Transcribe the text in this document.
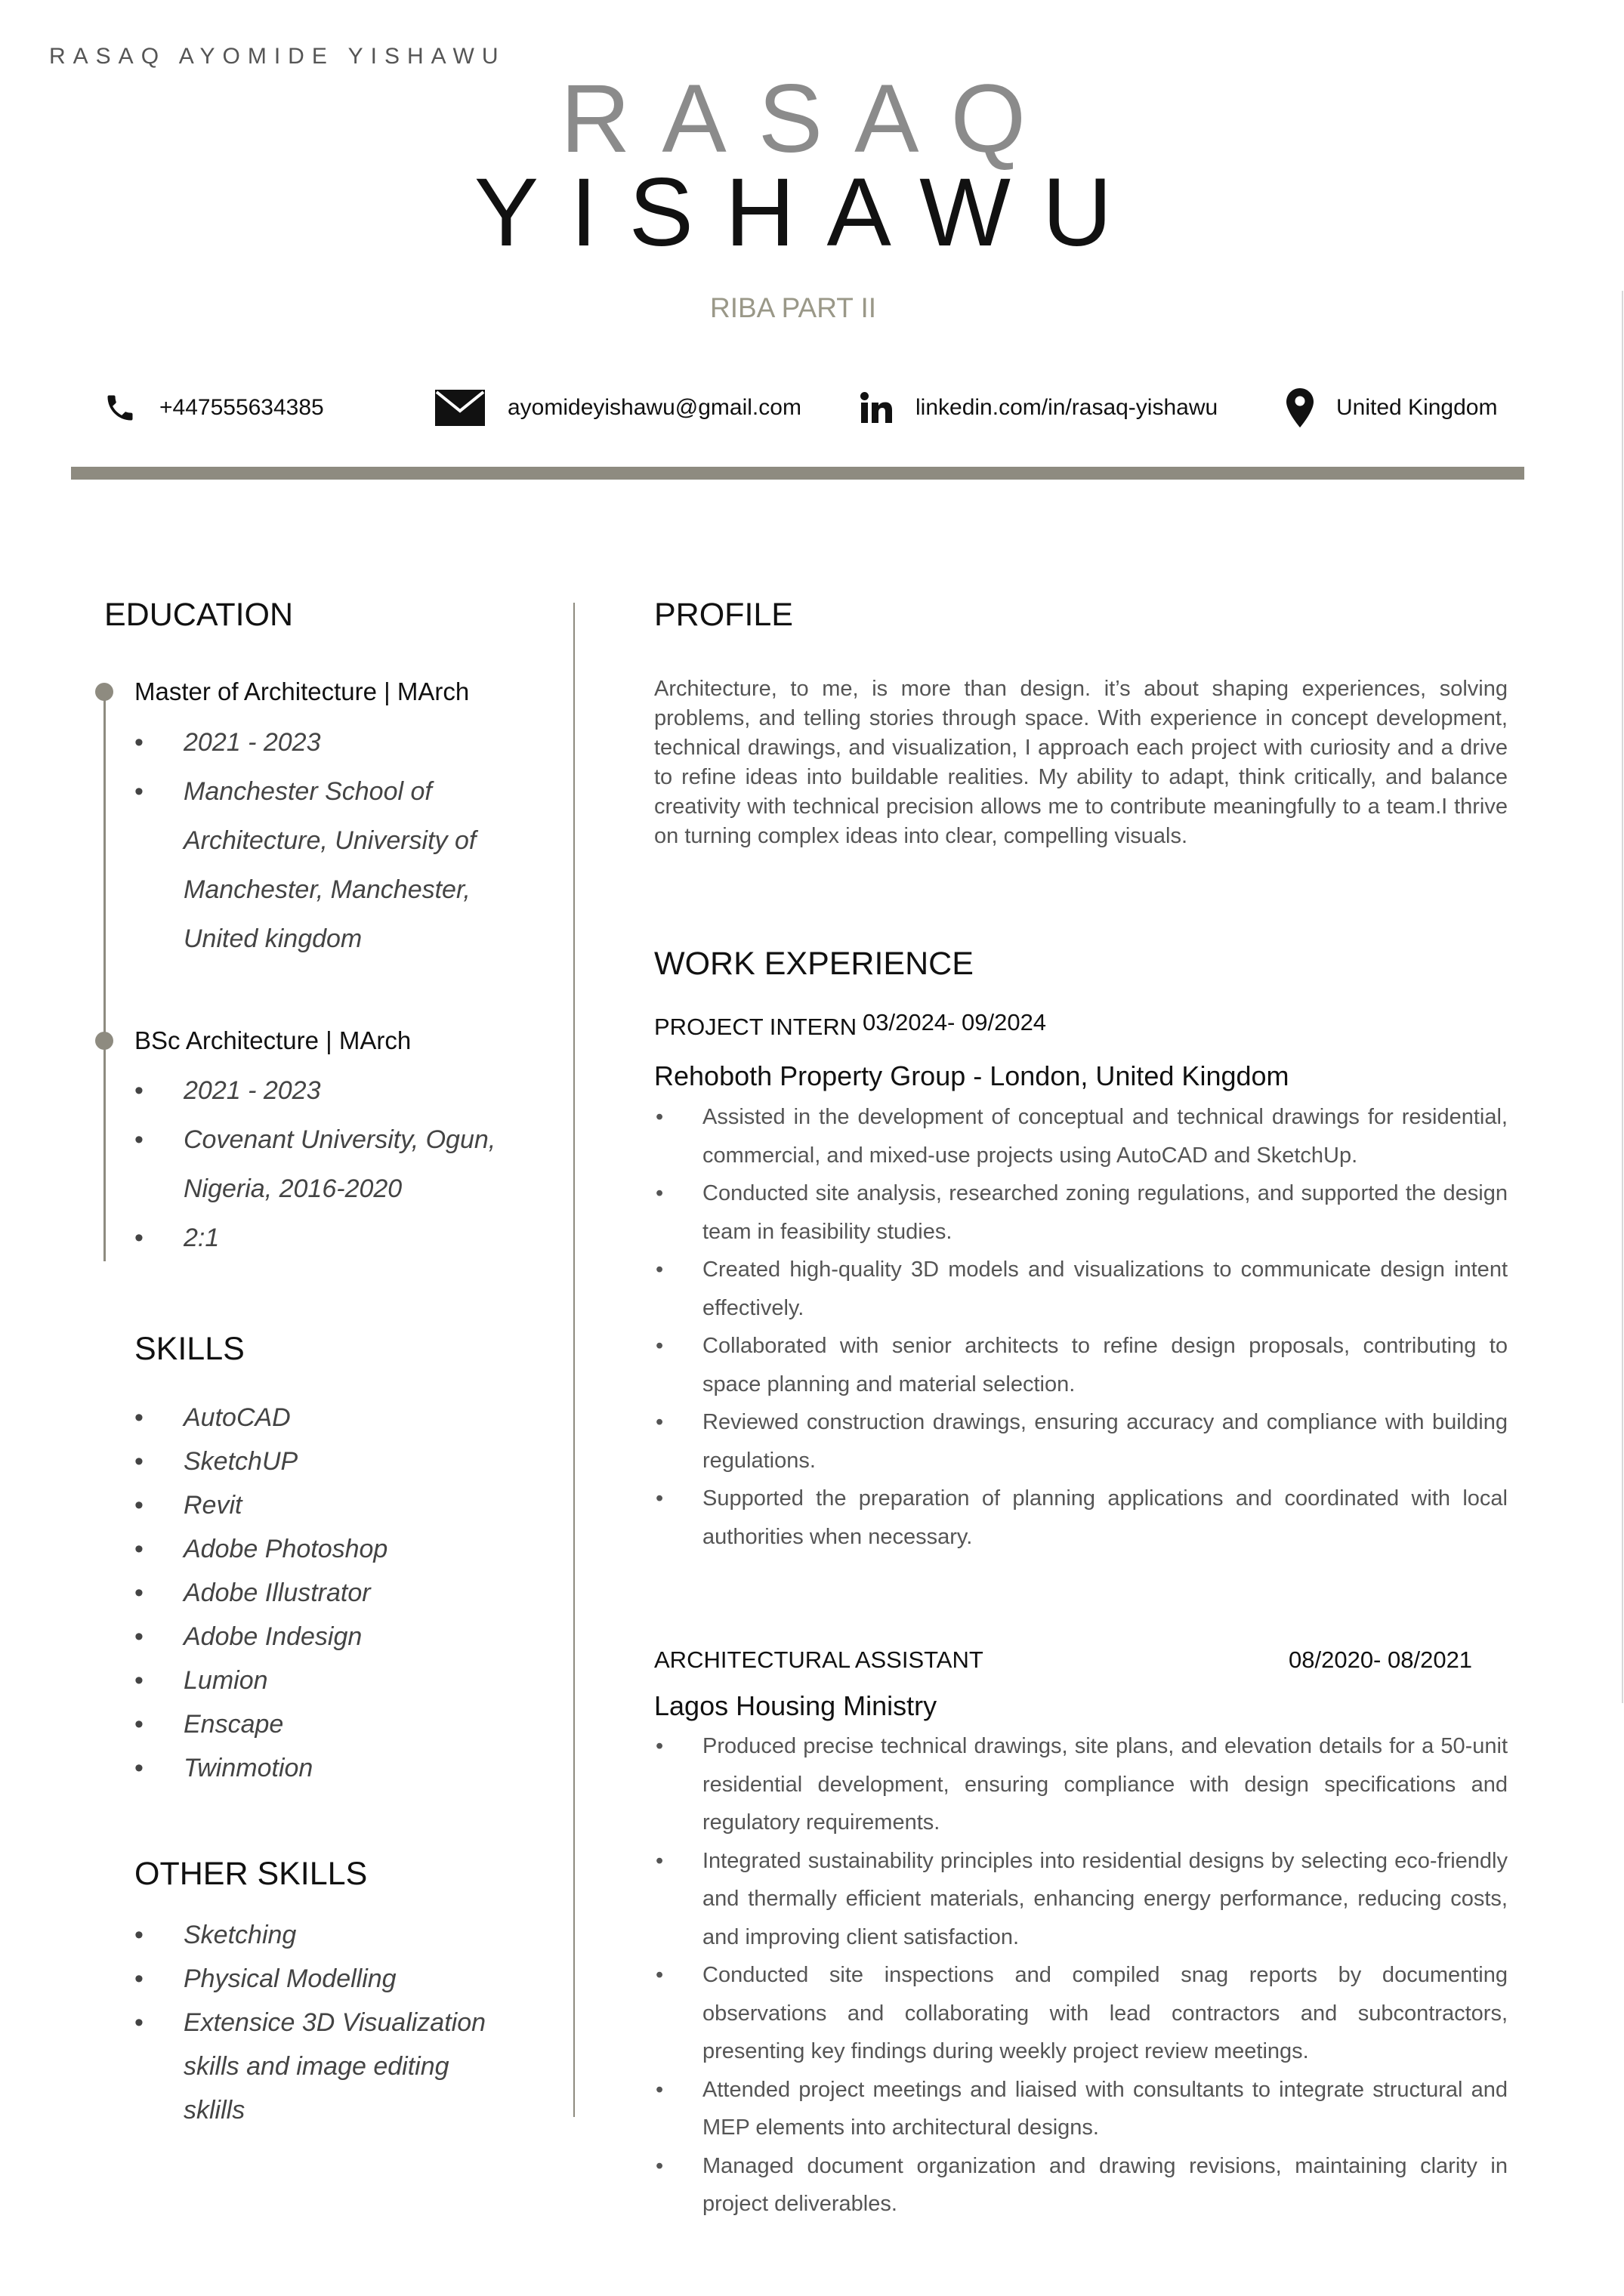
RASAQ AYOMIDE YISHAWU
RASAQ
YISHAWU
RIBA PART II
+447555634385	ayomideyishawu@gmail.com	linkedin.com/in/rasaq-yishawu	United Kingdom
EDUCATION
Master of Architecture | MArch
• 2021 - 2023
• Manchester School of Architecture, University of Manchester, Manchester, United kingdom
BSc Architecture | MArch
• 2021 - 2023
• Covenant University, Ogun, Nigeria, 2016-2020
• 2:1
SKILLS
• AutoCAD
• SketchUP
• Revit
• Adobe Photoshop
• Adobe Illustrator
• Adobe Indesign
• Lumion
• Enscape
• Twinmotion
OTHER SKILLS
• Sketching
• Physical Modelling
• Extensice 3D Visualization skills and image editing sklills
PROFILE
Architecture, to me, is more than design. it’s about shaping experiences, solving problems, and telling stories through space. With experience in concept development, technical drawings, and visualization, I approach each project with curiosity and a drive to refine ideas into buildable realities. My ability to adapt, think critically, and balance creativity with technical precision allows me to contribute meaningfully to a team.I thrive on turning complex ideas into clear, compelling visuals.
WORK EXPERIENCE
PROJECT INTERN 03/2024- 09/2024
Rehoboth Property Group - London, United Kingdom
• Assisted in the development of conceptual and technical drawings for residential, commercial, and mixed-use projects using AutoCAD and SketchUp.
• Conducted site analysis, researched zoning regulations, and supported the design team in feasibility studies.
• Created high-quality 3D models and visualizations to communicate design intent effectively.
• Collaborated with senior architects to refine design proposals, contributing to space planning and material selection.
• Reviewed construction drawings, ensuring accuracy and compliance with building regulations.
• Supported the preparation of planning applications and coordinated with local authorities when necessary.
ARCHITECTURAL ASSISTANT	08/2020- 08/2021
Lagos Housing Ministry
• Produced precise technical drawings, site plans, and elevation details for a 50-unit residential development, ensuring compliance with design specifications and regulatory requirements.
• Integrated sustainability principles into residential designs by selecting eco-friendly and thermally efficient materials, enhancing energy performance, reducing costs, and improving client satisfaction.
• Conducted site inspections and compiled snag reports by documenting observations and collaborating with lead contractors and subcontractors, presenting key findings during weekly project review meetings.
• Attended project meetings and liaised with consultants to integrate structural and MEP elements into architectural designs.
• Managed document organization and drawing revisions, maintaining clarity in project deliverables.
